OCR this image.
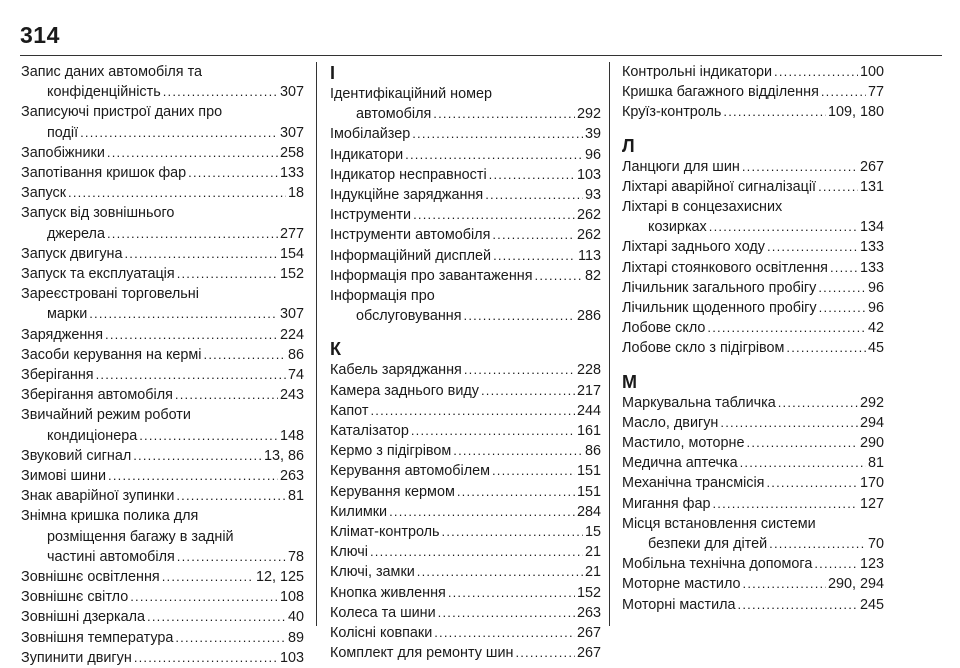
314
Запис даних автомобіля та
конфіденційність .....	307
Записуючі пристрої даних про
події .....	307
Запобіжники .....	258
Запотівання кришок фар .....	133
Запуск .....	18
Запуск від зовнішнього
джерела .....	277
Запуск двигуна .....	154
Запуск та експлуатація .....	152
Зареєстровані торговельні
марки .....	307
Зарядження .....	224
Засоби керування на кермі .....	86
Зберігання .....	74
Зберігання автомобіля .....	243
Звичайний режим роботи
кондиціонера .....	148
Звуковий сигнал .....	13, 86
Зимові шини .....	263
Знак аварійної зупинки .....	81
Знімна кришка полика для
розміщення багажу в задній
частині автомобіля .....	78
Зовнішнє освітлення .....	12, 125
Зовнішнє світло .....	108
Зовнішні дзеркала .....	40
Зовнішня температура .....	89
Зупинити двигун .....	103
І
Ідентифікаційний номер
автомобіля .....	292
Імобілайзер .....	39
Індикатори .....	96
Індикатор несправності .....	103
Індукційне заряджання .....	93
Інструменти .....	262
Інструменти автомобіля .....	262
Інформаційний дисплей .....	113
Інформація про завантаження .....	82
Інформація про
обслуговування .....	286
К
Кабель заряджання .....	228
Камера заднього виду .....	217
Капот .....	244
Каталізатор .....	161
Кермо з підігрівом .....	86
Керування автомобілем .....	151
Керування кермом .....	151
Килимки .....	284
Клімат-контроль .....	15
Ключі .....	21
Ключі, замки .....	21
Кнопка живлення .....	152
Колеса та шини .....	263
Колісні ковпаки .....	267
Комплект для ремонту шин .....	267
Контрольні індикатори .....	100
Кришка багажного відділення .....	77
Круїз-контроль .....	109, 180
Л
Ланцюги для шин .....	267
Ліхтарі аварійної сигналізації .....	131
Ліхтарі в сонцезахисних
козирках .....	134
Ліхтарі заднього ходу .....	133
Ліхтарі стоянкового освітлення ..... 133
Лічильник загального пробігу .....	96
Лічильник щоденного пробігу .....	96
Лобове скло .....	42
Лобове скло з підігрівом .....	45
М
Маркувальна табличка .....	292
Масло, двигун .....	294
Мастило, моторне .....	290
Медична аптечка .....	81
Механічна трансмісія .....	170
Мигання фар .....	127
Місця встановлення системи
безпеки для дітей .....	70
Мобільна технічна допомога .....	123
Моторне мастило .....	290, 294
Моторні мастила .....	245
